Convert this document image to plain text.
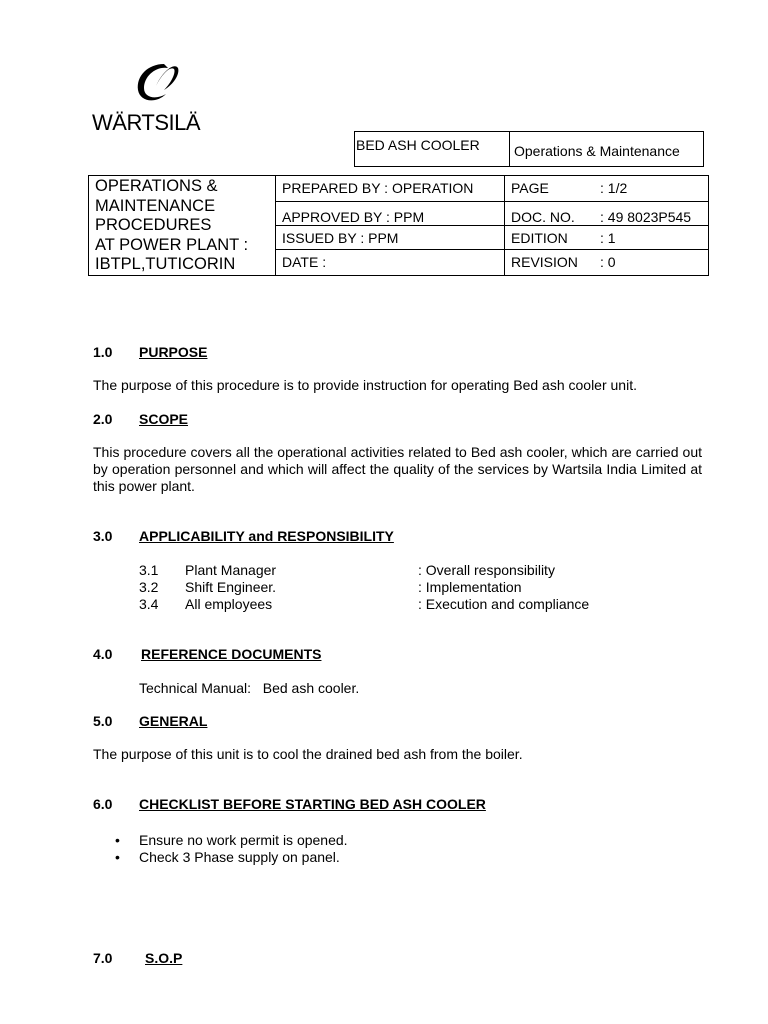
WÄRTSILÄ
BED ASH COOLER	Operations & Maintenance
OPERATIONS &
MAINTENANCE
PROCEDURES
AT POWER PLANT :
IBTPL,TUTICORIN	PREPARED BY : OPERATION	PAGE : 1/2
	APPROVED BY : PPM	DOC. NO. : 49 8023P545
	ISSUED BY : PPM	EDITION : 1
	DATE :	REVISION : 0
1.0 PURPOSE
The purpose of this procedure is to provide instruction for operating Bed ash cooler unit.
2.0 SCOPE
This procedure covers all the operational activities related to Bed ash cooler, which are carried out by operation personnel and which will affect the quality of the services by Wartsila India Limited at this power plant.
3.0 APPLICABILITY and RESPONSIBILITY
3.1 Plant Manager	: Overall responsibility
3.2 Shift Engineer.	: Implementation
3.4 All employees	: Execution and compliance
4.0 REFERENCE DOCUMENTS
Technical Manual: Bed ash cooler.
5.0 GENERAL
The purpose of this unit is to cool the drained bed ash from the boiler.
6.0 CHECKLIST BEFORE STARTING BED ASH COOLER
• Ensure no work permit is opened.
• Check 3 Phase supply on panel.
7.0 S.O.P
